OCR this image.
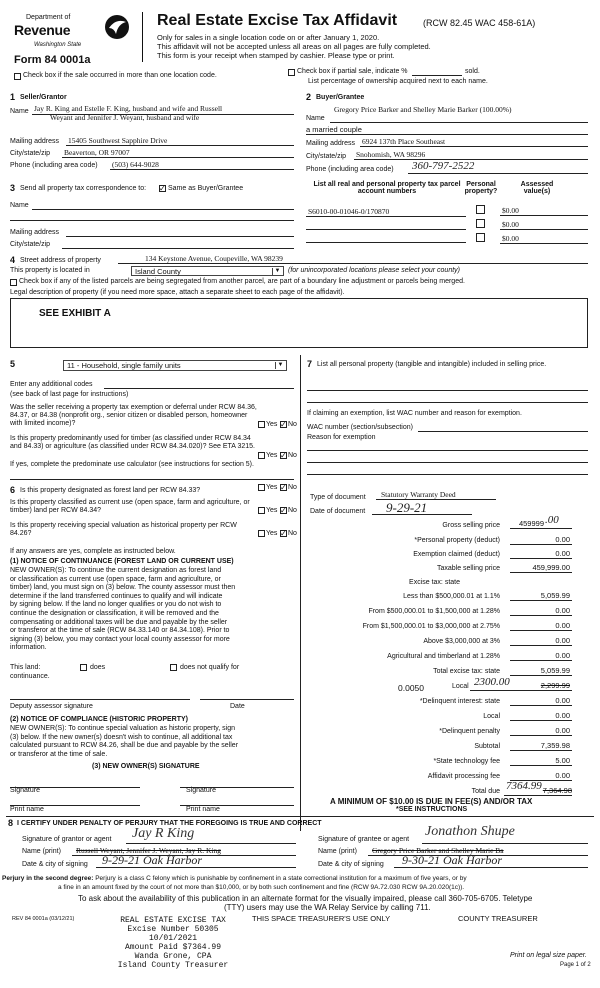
Department of
Revenue
Washington State
Form 84 0001a
Real Estate Excise Tax Affidavit	(RCW 82.45 WAC 458-61A)
Only for sales in a single location code on or after January 1, 2020.
This affidavit will not be accepted unless all areas on all pages are fully completed.
This form is your receipt when stamped by cashier. Please type or print.
Check box if the sale occurred in more than one location code.
Check box if partial sale, indicate %	sold.
List percentage of ownership acquired next to each name.
1 Seller/Grantor
Name Jay R. King and Estelle F. King, husband and wife and Russell
Weyant and Jennifer J. Weyant, husband and wife
Mailing address 15405 Southwest Sapphire Drive
City/state/zip Beaverton, OR 97007
Phone (including area code) (503) 644-9028
2 Buyer/Grantee
Gregory Price Barker and Shelley Marie Barker (100.00%)
Name
a married couple
Mailing address 6924 137th Place Southeast
City/state/zip Snohomish, WA 98296
Phone (including area code) 360-797-2522
3 Send all property tax correspondence to: ✓ Same as Buyer/Grantee
Name
Mailing address
City/state/zip
List all real and personal property tax parcel account numbers
Personal property?
Assessed value(s)
S6010-00-01046-0/170870	$0.00
$0.00
$0.00
4 Street address of property	134 Keystone Avenue, Coupeville, WA 98239
This property is located in	Island County	▼ (for unincorporated locations please select your county)
Check box if any of the listed parcels are being segregated from another parcel, are part of a boundary line adjustment or parcels being merged.
Legal description of property (if you need more space, attach a separate sheet to each page of the affidavit).
SEE EXHIBIT A
5	11 - Household, single family units	▼
Enter any additional codes
(see back of last page for instructions)
Was the seller receiving a property tax exemption or deferral under RCW 84.36, 84.37, or 84.38 (nonprofit org., senior citizen or disabled person, homeowner with limited income)?	Yes ✓ No
Is this property predominantly used for timber (as classified under RCW 84.34 and 84.33) or agriculture (as classified under RCW 84.34.020)? See ETA 3215.
Yes ✓ No
If yes, complete the predominate use calculator (see instructions for section 5).
7 List all personal property (tangible and intangible) included in selling price.
If claiming an exemption, list WAC number and reason for exemption.
WAC number (section/subsection)
Reason for exemption
6 Is this property designated as forest land per RCW 84.33?	Yes ✓ No
Is this property classified as current use (open space, farm and agriculture, or timber) land per RCW 84.34?	Yes ✓ No
Is this property receiving special valuation as historical property per RCW 84.26?	Yes ✓ No
If any answers are yes, complete as instructed below.
(1) NOTICE OF CONTINUANCE (FOREST LAND OR CURRENT USE)
NEW OWNER(S): To continue the current designation as forest land
or classification as current use (open space, farm and agriculture, or
timber) land, you must sign on (3) below. The county assessor must then
determine if the land transferred continues to qualify and will indicate
by signing below. If the land no longer qualifies or you do not wish to
continue the designation or classification, it will be removed and the
compensating or additional taxes will be due and payable by the seller
or transferor at the time of sale (RCW 84.33.140 or 84.34.108). Prior to
signing (3) below, you may contact your local county assessor for more
information.
This land:
continuance.
does	does not qualify for
Deputy assessor signature	Date
(2) NOTICE OF COMPLIANCE (HISTORIC PROPERTY)
NEW OWNER(S): To continue special valuation as historic property, sign
(3) below. If the new owner(s) doesn't wish to continue, all additional tax
calculated pursuant to RCW 84.26, shall be due and payable by the seller
or transferor at the time of sale.
(3) NEW OWNER(S) SIGNATURE
Signature	Signature
Print name	Print name
Type of document Statutory Warranty Deed
Date of document 9-29-21
Gross selling price	459999 .00
*Personal property (deduct)	0.00
Exemption claimed (deduct)	0.00
Taxable selling price	459,999.00
Excise tax: state
Less than $500,000.01 at 1.1%	5,059.99
From $500,000.01 to $1,500,000 at 1.28%	0.00
From $1,500,000.01 to $3,000,000 at 2.75%	0.00
Above $3,000,000 at 3%	0.00
Agricultural and timberland at 1.28%	0.00
Total excise tax: state	5,059.99
0.0050	Local 2300.00	2,299.99
*Delinquent interest: state	0.00
Local	0.00
*Delinquent penalty	0.00
Subtotal	7,359.98
*State technology fee	5.00
Affidavit processing fee	0.00
Total due 7364.99 7,364.98
A MINIMUM OF $10.00 IS DUE IN FEE(S) AND/OR TAX
*SEE INSTRUCTIONS
8 I CERTIFY UNDER PENALTY OF PERJURY THAT THE FOREGOING IS TRUE AND CORRECT
Signature of grantor or agent Jay R King
Name (print) Russell Weyant, Jennifer J. Weyant, Jay R. King
Date & city of signing 9-29-21 Oak Harbor
Signature of grantee or agent
Jonathon Shupe
Name (print) Gregory Price Barker and Shelley Marie Ba
Date & city of signing 9-30-21 Oak Harbor
Perjury in the second degree: Perjury is a class C felony which is punishable by confinement in a state correctional institution for a maximum of five years, or by
a fine in an amount fixed by the court of not more than $10,000, or by both such confinement and fine (RCW 9A.72.030 RCW 9A.20.020(1c)).
To ask about the availability of this publication in an alternate format for the visually impaired, please call 360-705-6705. Teletype
(TTY) users may use the WA Relay Service by calling 711.
REV 84 0001a (03/12/21)	REAL ESTATE EXCISE TAX
Excise Number 50305
10/01/2021
Amount Paid $7364.99
Wanda Grone, CPA
Island County Treasurer
THIS SPACE TREASURER'S USE ONLY	COUNTY TREASURER
Print on legal size paper.
Page 1 of 2
